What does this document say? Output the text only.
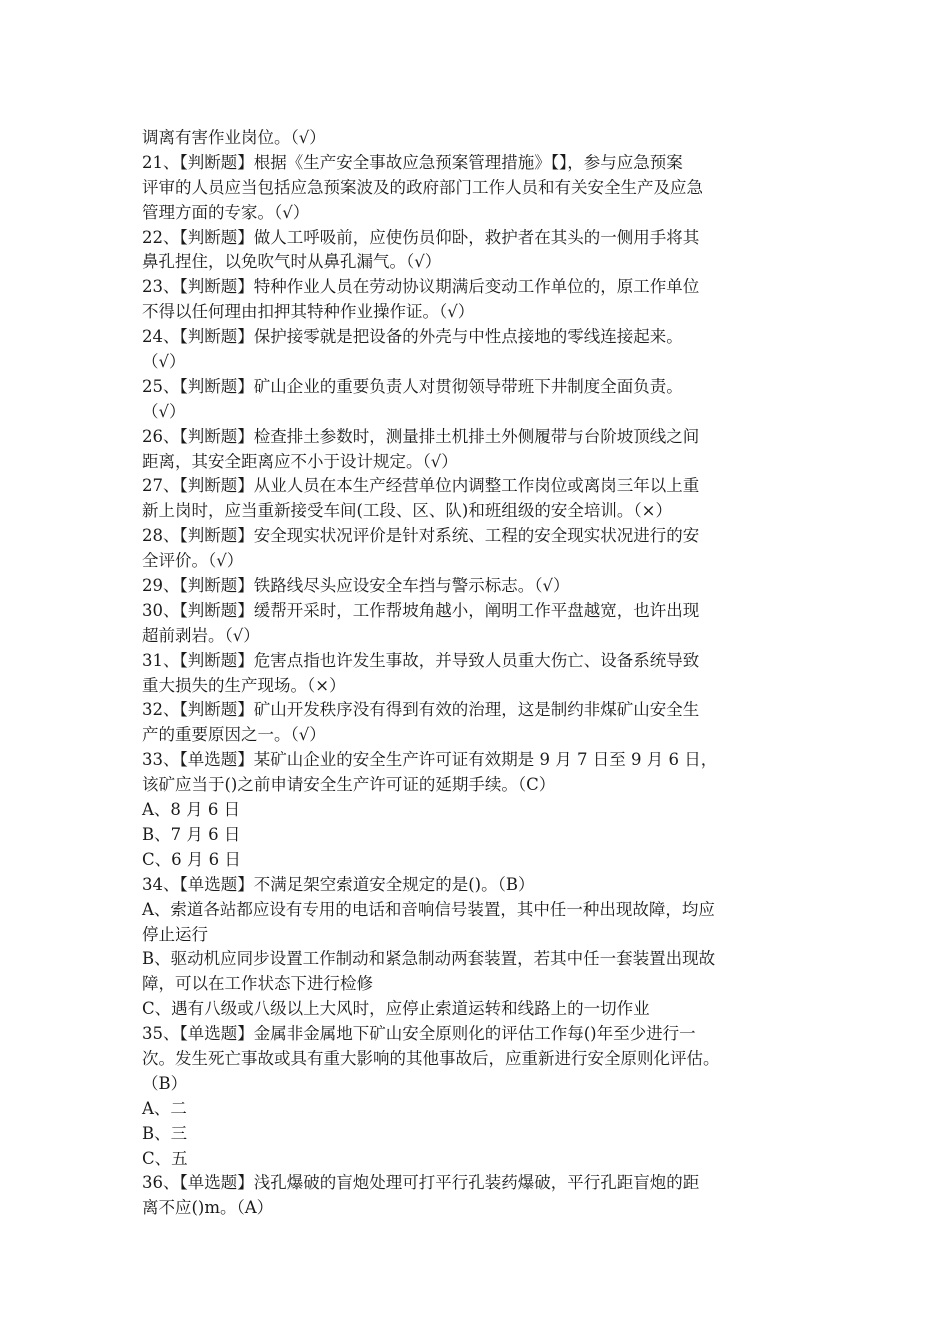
调离有害作业岗位。（√）
21、【判断题】根据《生产安全事故应急预案管理措施》【】，参与应急预案
评审的人员应当包括应急预案波及的政府部门工作人员和有关安全生产及应急
管理方面的专家。（√）
22、【判断题】做人工呼吸前，应使伤员仰卧，救护者在其头的一侧用手将其
鼻孔捏住，以免吹气时从鼻孔漏气。（√）
23、【判断题】特种作业人员在劳动协议期满后变动工作单位的，原工作单位
不得以任何理由扣押其特种作业操作证。（√）
24、【判断题】保护接零就是把设备的外壳与中性点接地的零线连接起来。
（√）
25、【判断题】矿山企业的重要负责人对贯彻领导带班下井制度全面负责。
（√）
26、【判断题】检查排土参数时，测量排土机排土外侧履带与台阶坡顶线之间
距离，其安全距离应不小于设计规定。（√）
27、【判断题】从业人员在本生产经营单位内调整工作岗位或离岗三年以上重
新上岗时，应当重新接受车间(工段、区、队)和班组级的安全培训。（×）
28、【判断题】安全现实状况评价是针对系统、工程的安全现实状况进行的安
全评价。（√）
29、【判断题】铁路线尽头应设安全车挡与警示标志。（√）
30、【判断题】缓帮开采时，工作帮坡角越小，阐明工作平盘越宽，也许出现
超前剥岩。（√）
31、【判断题】危害点指也许发生事故，并导致人员重大伤亡、设备系统导致
重大损失的生产现场。（×）
32、【判断题】矿山开发秩序没有得到有效的治理，这是制约非煤矿山安全生
产的重要原因之一。（√）
33、【单选题】某矿山企业的安全生产许可证有效期是 9 月 7 日至 9 月 6 日，
该矿应当于()之前申请安全生产许可证的延期手续。（C）
A、8 月 6 日
B、7 月 6 日
C、6 月 6 日
34、【单选题】不满足架空索道安全规定的是()。（B）
A、索道各站都应设有专用的电话和音响信号装置，其中任一种出现故障，均应
停止运行
B、驱动机应同步设置工作制动和紧急制动两套装置，若其中任一套装置出现故
障，可以在工作状态下进行检修
C、遇有八级或八级以上大风时，应停止索道运转和线路上的一切作业
35、【单选题】金属非金属地下矿山安全原则化的评估工作每()年至少进行一
次。发生死亡事故或具有重大影响的其他事故后，应重新进行安全原则化评估。
（B）
A、二
B、三
C、五
36、【单选题】浅孔爆破的盲炮处理可打平行孔装药爆破，平行孔距盲炮的距
离不应()m。（A）
